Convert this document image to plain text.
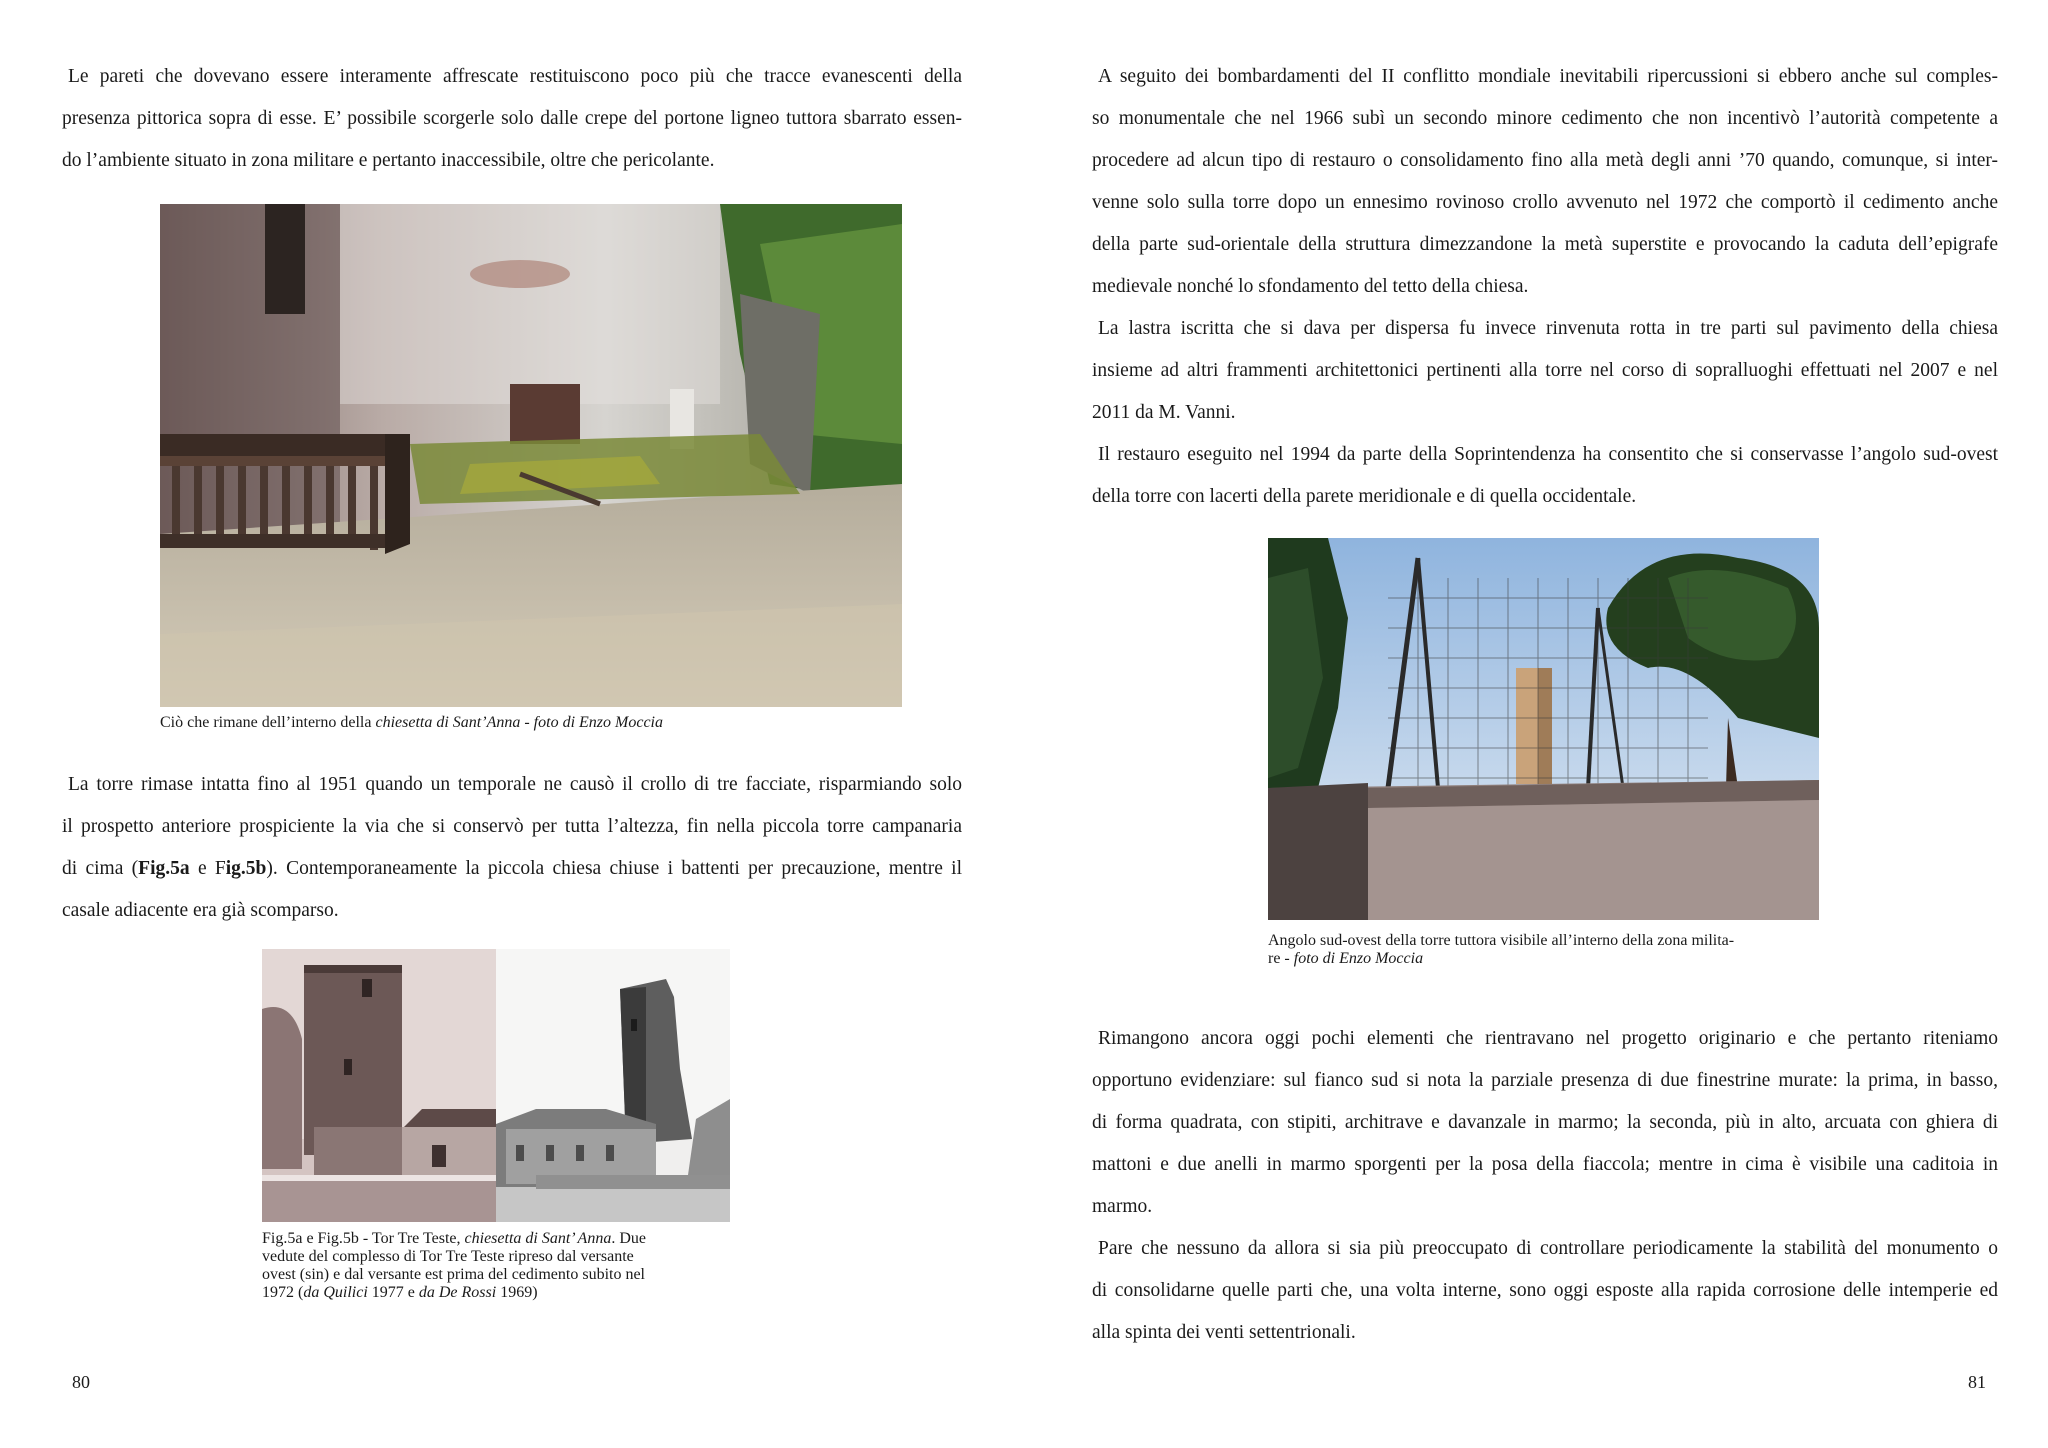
Le pareti che dovevano essere interamente affrescate restituiscono poco più che tracce evanescenti della
presenza pittorica sopra di esse. E’ possibile scorgerle solo dalle crepe del portone ligneo tuttora sbarrato essen-
do l’ambiente situato in zona militare e pertanto inaccessibile, oltre che pericolante.

Ciò che rimane dell’interno della chiesetta di Sant’Anna - foto di Enzo Moccia

La torre rimase intatta fino al 1951 quando un temporale ne causò il crollo di tre facciate, risparmiando solo
il prospetto anteriore prospiciente la via che si conservò per tutta l’altezza, fin nella piccola torre campanaria
di cima (Fig.5a e Fig.5b). Contemporaneamente la piccola chiesa chiuse i battenti per precauzione, mentre il
casale adiacente era già scomparso.

Fig.5a e Fig.5b - Tor Tre Teste, chiesetta di Sant’ Anna. Due
vedute del complesso di Tor Tre Teste ripreso dal versante
ovest (sin) e dal versante est prima del cedimento subito nel
1972 (da Quilici 1977 e da De Rossi 1969)

80

A seguito dei bombardamenti del II conflitto mondiale inevitabili ripercussioni si ebbero anche sul comples-
so monumentale che nel 1966 subì un secondo minore cedimento che non incentivò l’autorità competente a
procedere ad alcun tipo di restauro o consolidamento fino alla metà degli anni ’70 quando, comunque, si inter-
venne solo sulla torre dopo un ennesimo rovinoso crollo avvenuto nel 1972 che comportò il cedimento anche
della parte sud-orientale della struttura dimezzandone la metà superstite e provocando la caduta dell’epigrafe
medievale nonché lo sfondamento del tetto della chiesa.

La lastra iscritta che si dava per dispersa fu invece rinvenuta rotta in tre parti sul pavimento della chiesa
insieme ad altri frammenti architettonici pertinenti alla torre nel corso di sopralluoghi effettuati nel 2007 e nel
2011 da M. Vanni.

Il restauro eseguito nel 1994 da parte della Soprintendenza ha consentito che si conservasse l’angolo sud-ovest
della torre con lacerti della parete meridionale e di quella occidentale.

Angolo sud-ovest della torre tuttora visibile all’interno della zona milita-
re - foto di Enzo Moccia

Rimangono ancora oggi pochi elementi che rientravano nel progetto originario e che pertanto riteniamo
opportuno evidenziare: sul fianco sud si nota la parziale presenza di due finestrine murate: la prima, in basso,
di forma quadrata, con stipiti, architrave e davanzale in marmo; la seconda, più in alto, arcuata con ghiera di
mattoni e due anelli in marmo sporgenti per la posa della fiaccola; mentre in cima è visibile una caditoia in
marmo.

Pare che nessuno da allora si sia più preoccupato di controllare periodicamente la stabilità del monumento o
di consolidarne quelle parti che, una volta interne, sono oggi esposte alla rapida corrosione delle intemperie ed
alla spinta dei venti settentrionali.

81
